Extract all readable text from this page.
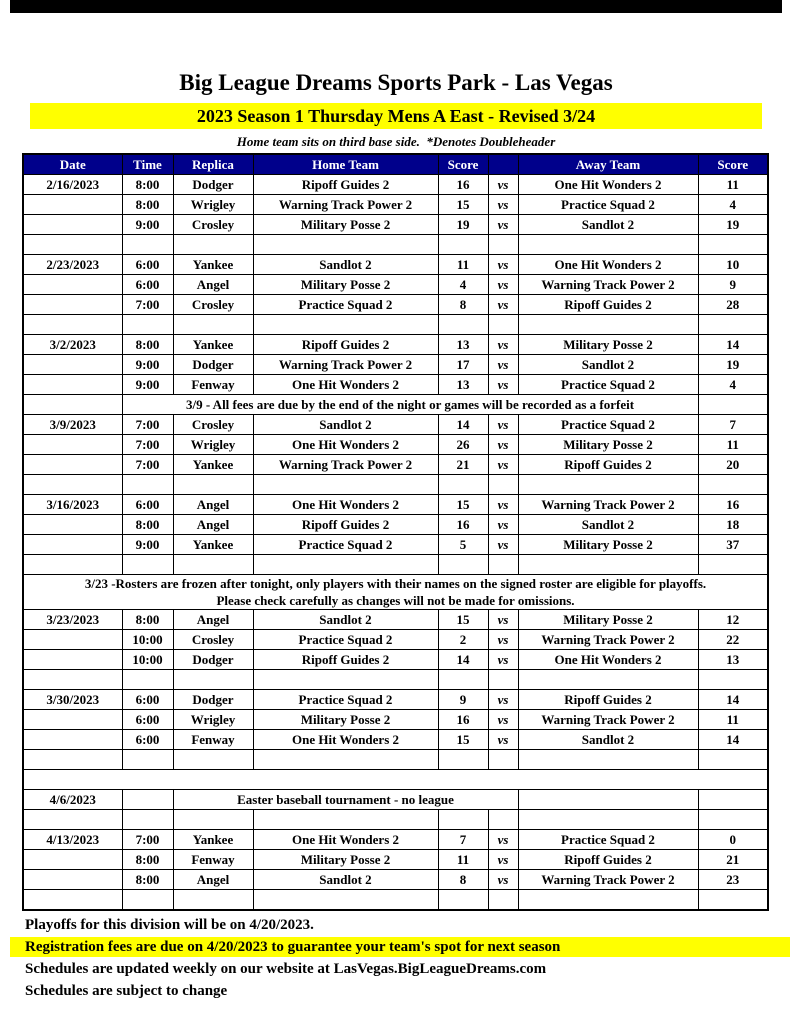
Big League Dreams Sports Park - Las Vegas
2023 Season 1 Thursday Mens A East - Revised 3/24
Home team sits on third base side.  *Denotes Doubleheader
Date	Time	Replica	Home Team	Score		Away Team	Score
2/16/2023	8:00	Dodger	Ripoff Guides 2	16	vs	One Hit Wonders 2	11
	8:00	Wrigley	Warning Track Power 2	15	vs	Practice Squad 2	4
	9:00	Crosley	Military Posse 2	19	vs	Sandlot 2	19

2/23/2023	6:00	Yankee	Sandlot 2	11	vs	One Hit Wonders 2	10
	6:00	Angel	Military Posse 2	4	vs	Warning Track Power 2	9
	7:00	Crosley	Practice Squad 2	8	vs	Ripoff Guides 2	28

3/2/2023	8:00	Yankee	Ripoff Guides 2	13	vs	Military Posse 2	14
	9:00	Dodger	Warning Track Power 2	17	vs	Sandlot 2	19
	9:00	Fenway	One Hit Wonders 2	13	vs	Practice Squad 2	4
	3/9 - All fees are due by the end of the night or games will be recorded as a forfeit						
3/9/2023	7:00	Crosley	Sandlot 2	14	vs	Practice Squad 2	7
	7:00	Wrigley	One Hit Wonders 2	26	vs	Military Posse 2	11
	7:00	Yankee	Warning Track Power 2	21	vs	Ripoff Guides 2	20

3/16/2023	6:00	Angel	One Hit Wonders 2	15	vs	Warning Track Power 2	16
	8:00	Angel	Ripoff Guides 2	16	vs	Sandlot 2	18
	9:00	Yankee	Practice Squad 2	5	vs	Military Posse 2	37

3/23 -Rosters are frozen after tonight, only players with their names on the signed roster are eligible for playoffs.
Please check carefully as changes will not be made for omissions.							

3/23/2023	8:00	Angel	Sandlot 2	15	vs	Military Posse 2	12
	10:00	Crosley	Practice Squad 2	2	vs	Warning Track Power 2	22
	10:00	Dodger	Ripoff Guides 2	14	vs	One Hit Wonders 2	13

3/30/2023	6:00	Dodger	Practice Squad 2	9	vs	Ripoff Guides 2	14
	6:00	Wrigley	Military Posse 2	16	vs	Warning Track Power 2	11
	6:00	Fenway	One Hit Wonders 2	15	vs	Sandlot 2	14

4/6/2023		Easter baseball tournament - no league					

4/13/2023	7:00	Yankee	One Hit Wonders 2	7	vs	Practice Squad 2	0
	8:00	Fenway	Military Posse 2	11	vs	Ripoff Guides 2	21
	8:00	Angel	Sandlot 2	8	vs	Warning Track Power 2	23

Playoffs for this division will be on 4/20/2023.
Registration fees are due on 4/20/2023 to guarantee your team's spot for next season
Schedules are updated weekly on our website at LasVegas.BigLeagueDreams.com
Schedules are subject to change
